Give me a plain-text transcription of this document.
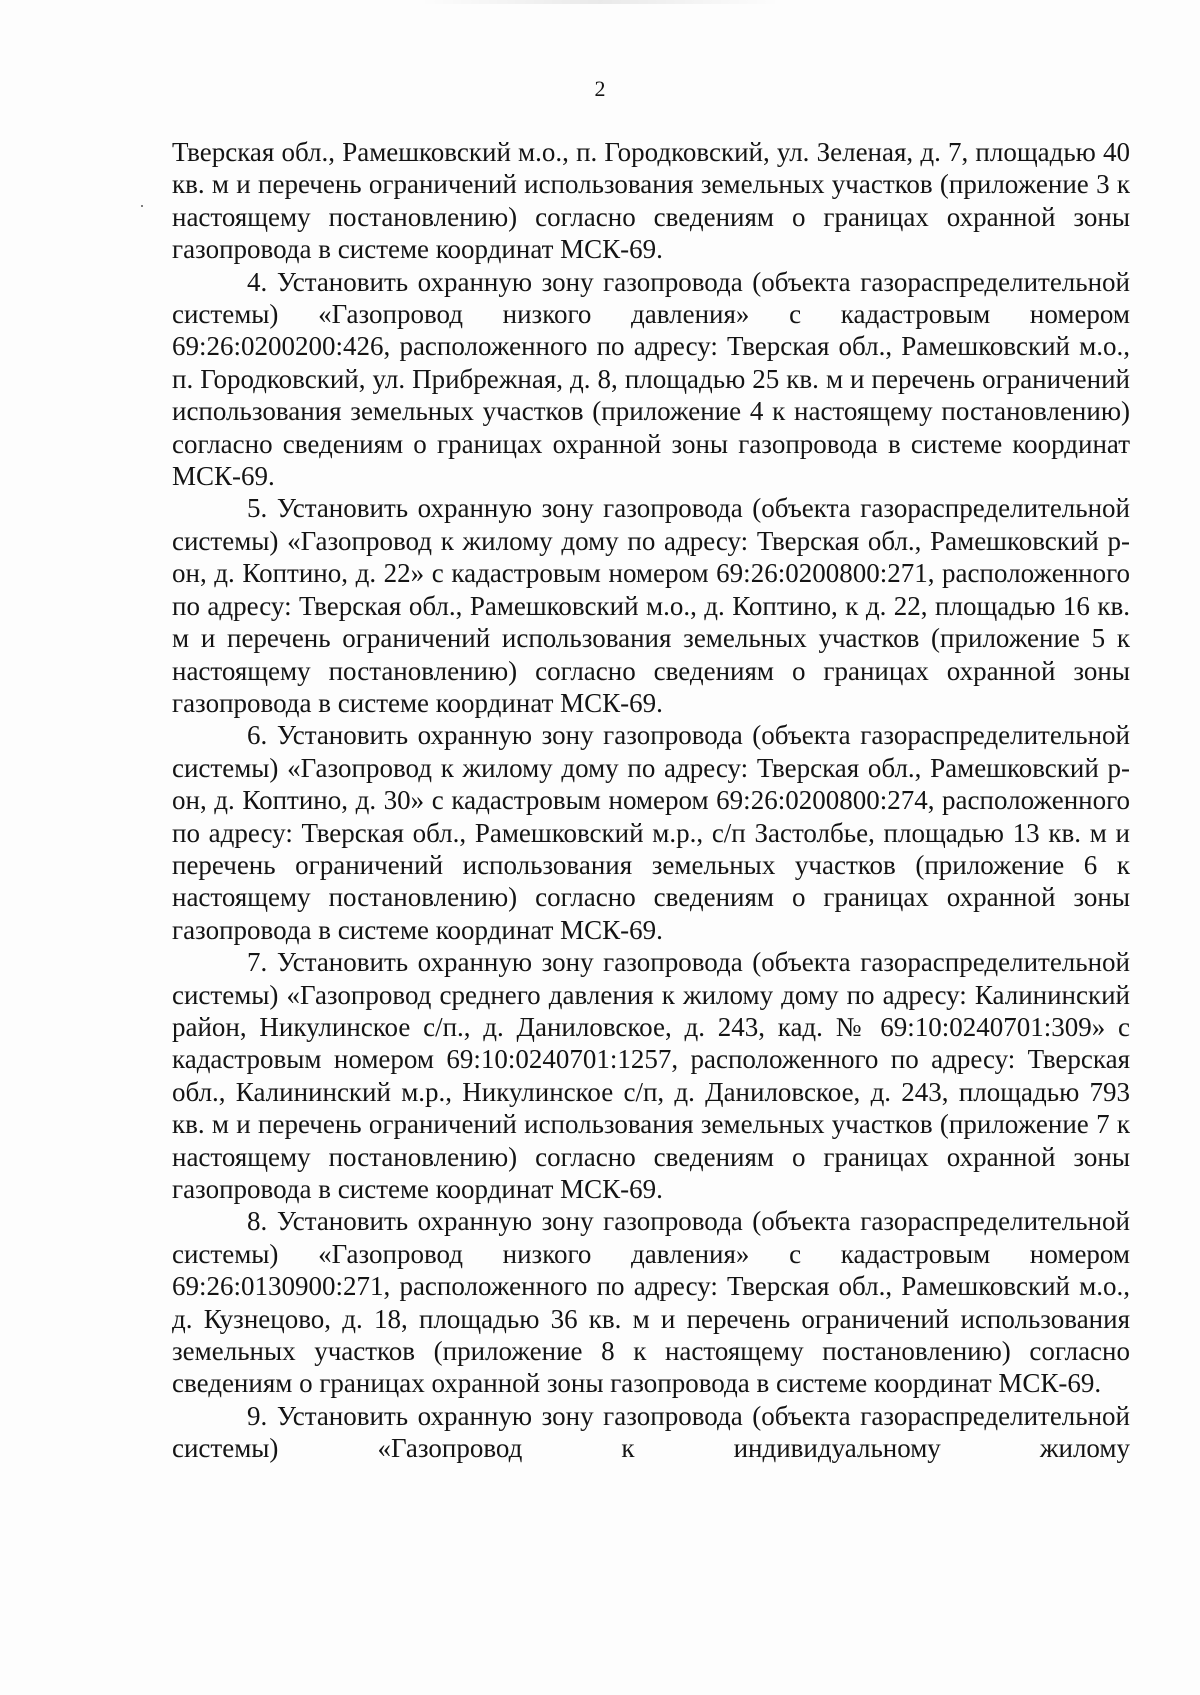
2

Тверская обл., Рамешковский м.о., п. Городковский, ул. Зеленая, д. 7, площадью 40 кв. м и перечень ограничений использования земельных участков (приложение 3 к настоящему постановлению) согласно сведениям о границах охранной зоны газопровода в системе координат МСК-69.

4. Установить охранную зону газопровода (объекта газораспределительной системы) «Газопровод низкого давления» с кадастровым номером 69:26:0200200:426, расположенного по адресу: Тверская обл., Рамешковский м.о., п. Городковский, ул. Прибрежная, д. 8, площадью 25 кв. м и перечень ограничений использования земельных участков (приложение 4 к настоящему постановлению) согласно сведениям о границах охранной зоны газопровода в системе координат МСК-69.

5. Установить охранную зону газопровода (объекта газораспределительной системы) «Газопровод к жилому дому по адресу: Тверская обл., Рамешковский р-он, д. Коптино, д. 22» с кадастровым номером 69:26:0200800:271, расположенного по адресу: Тверская обл., Рамешковский м.о., д. Коптино, к д. 22, площадью 16 кв. м и перечень ограничений использования земельных участков (приложение 5 к настоящему постановлению) согласно сведениям о границах охранной зоны газопровода в системе координат МСК-69.

6. Установить охранную зону газопровода (объекта газораспределительной системы) «Газопровод к жилому дому по адресу: Тверская обл., Рамешковский р-он, д. Коптино, д. 30» с кадастровым номером 69:26:0200800:274, расположенного по адресу: Тверская обл., Рамешковский м.р., с/п Застолбье, площадью 13 кв. м и перечень ограничений использования земельных участков (приложение 6 к настоящему постановлению) согласно сведениям о границах охранной зоны газопровода в системе координат МСК-69.

7. Установить охранную зону газопровода (объекта газораспределительной системы) «Газопровод среднего давления к жилому дому по адресу: Калининский район, Никулинское с/п., д. Даниловское, д. 243, кад. № 69:10:0240701:309» с кадастровым номером 69:10:0240701:1257, расположенного по адресу: Тверская обл., Калининский м.р., Никулинское с/п, д. Даниловское, д. 243, площадью 793 кв. м и перечень ограничений использования земельных участков (приложение 7 к настоящему постановлению) согласно сведениям о границах охранной зоны газопровода в системе координат МСК-69.

8. Установить охранную зону газопровода (объекта газораспределительной системы) «Газопровод низкого давления» с кадастровым номером 69:26:0130900:271, расположенного по адресу: Тверская обл., Рамешковский м.о., д. Кузнецово, д. 18, площадью 36 кв. м и перечень ограничений использования земельных участков (приложение 8 к настоящему постановлению) согласно сведениям о границах охранной зоны газопровода в системе координат МСК-69.

9. Установить охранную зону газопровода (объекта газораспределительной системы) «Газопровод к индивидуальному жилому
